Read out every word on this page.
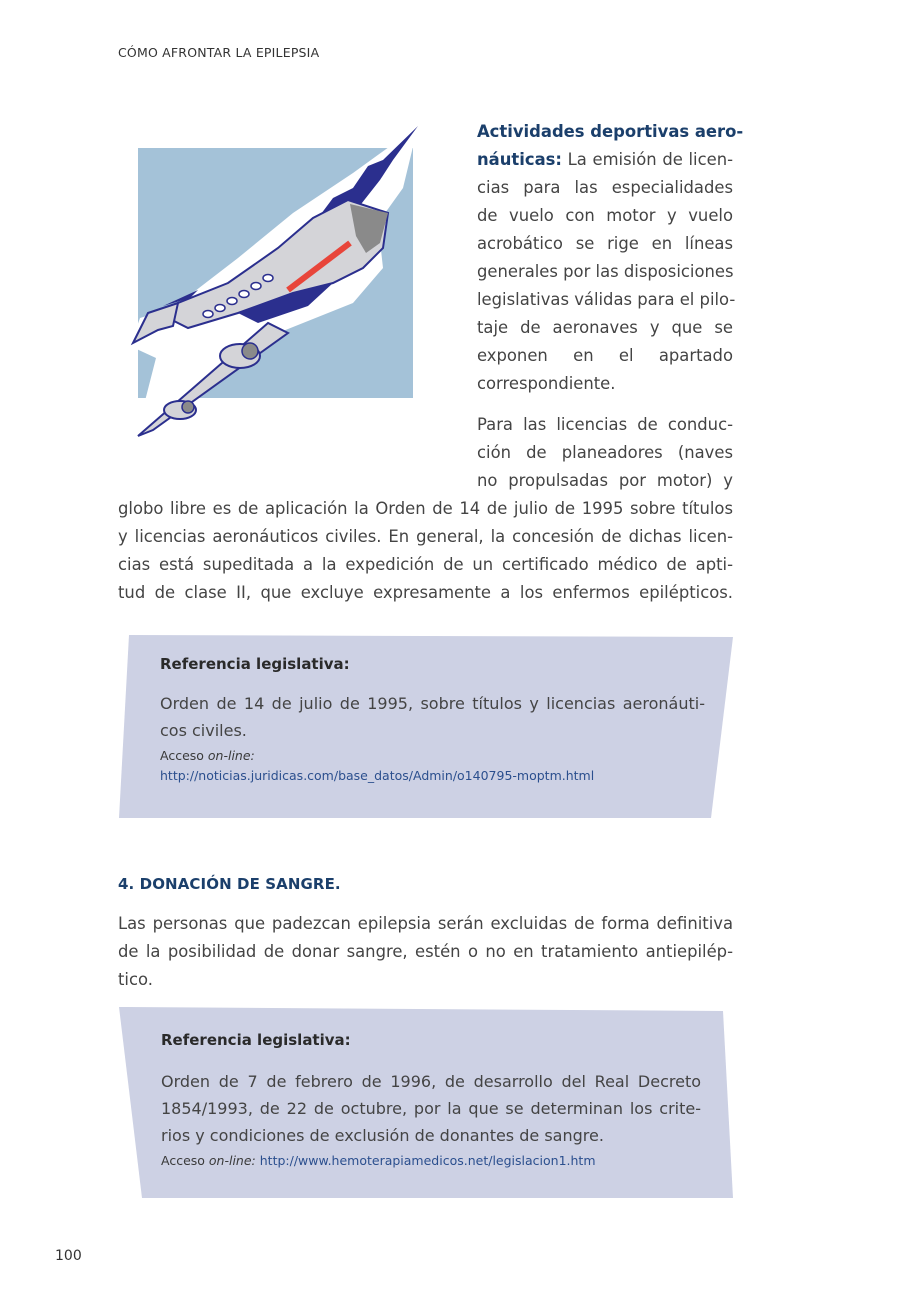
CÓMO AFRONTAR LA EPILEPSIA

Actividades deportivas aero-
náuticas: La emisión de licen-
cias para las especialidades
de vuelo con motor y vuelo
acrobático se rige en líneas
generales por las disposiciones
legislativas válidas para el pilo-
taje de aeronaves y que se
exponen en el apartado
correspondiente.

Para las licencias de conduc-
ción de planeadores (naves
no propulsadas por motor) y

globo libre es de aplicación la Orden de 14 de julio de 1995 sobre títulos
y licencias aeronáuticos civiles. En general, la concesión de dichas licen-
cias está supeditada a la expedición de un certificado médico de apti-
tud de clase II, que excluye expresamente a los enfermos epilépticos.

Referencia legislativa:
Orden de 14 de julio de 1995, sobre títulos y licencias aeronáuti-
cos civiles.
Acceso on-line:
http://noticias.juridicas.com/base_datos/Admin/o140795-moptm.html
4. DONACIÓN DE SANGRE.

Las personas que padezcan epilepsia serán excluidas de forma definitiva
de la posibilidad de donar sangre, estén o no en tratamiento antiepilép-
tico.

Referencia legislativa:
Orden de 7 de febrero de 1996, de desarrollo del Real Decreto
1854/1993, de 22 de octubre, por la que se determinan los crite-
rios y condiciones de exclusión de donantes de sangre.
Acceso on-line: http://www.hemoterapiamedicos.net/legislacion1.htm
100
